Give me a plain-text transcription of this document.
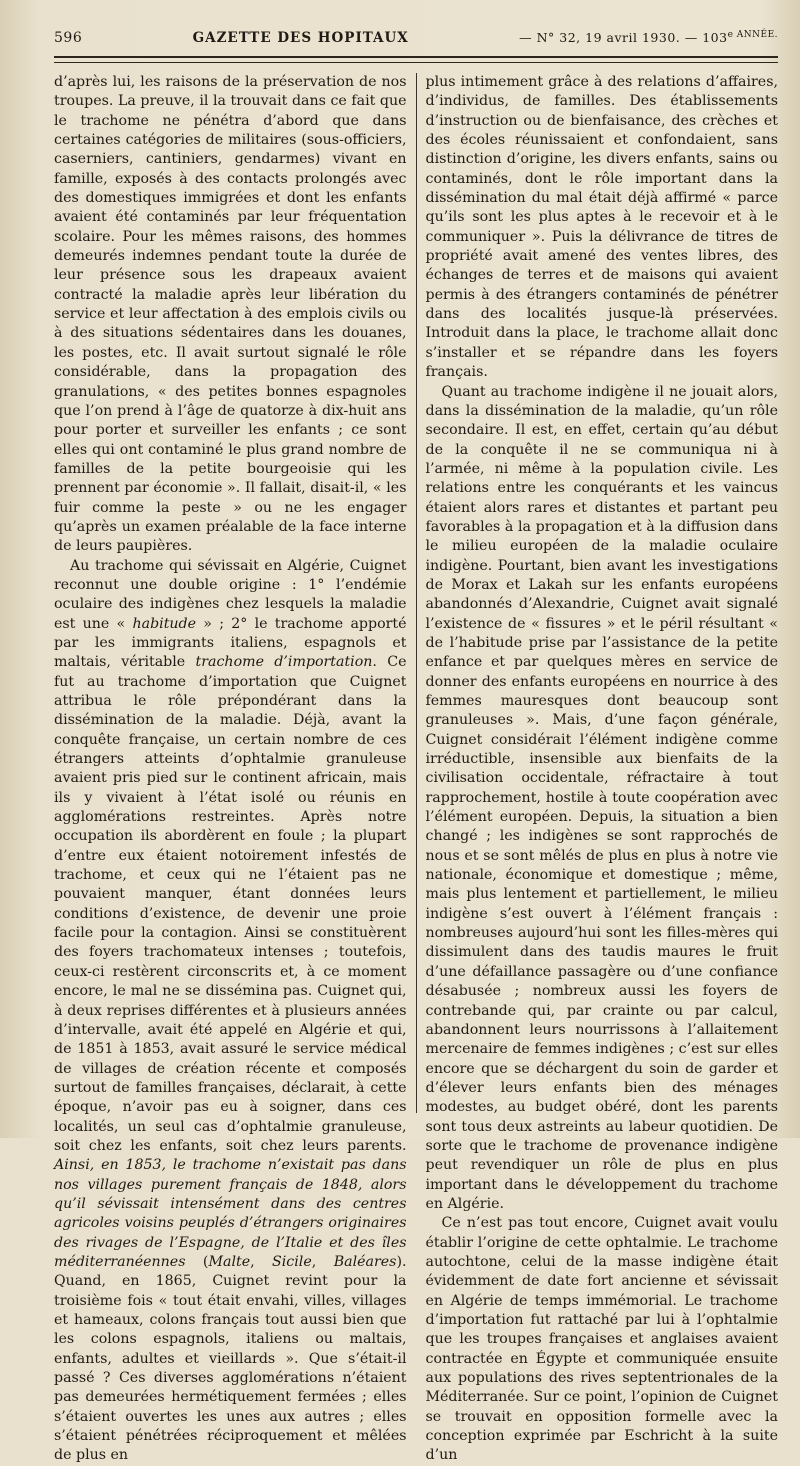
596	GAZETTE DES HOPITAUX	— N° 32, 19 avril 1930. — $103^{e ANNÉE.}$

d’après lui, les raisons de la préservation de nos troupes. La preuve, il la trouvait dans ce fait que le trachome ne pénétra d’abord que dans certaines catégories de militaires (sous-officiers, caserniers, cantiniers, gendarmes) vivant en famille, exposés à des contacts prolongés avec des domestiques immigrées et dont les enfants avaient été contaminés par leur fréquentation scolaire. Pour les mêmes raisons, des hommes demeurés indemnes pendant toute la durée de leur présence sous les drapeaux avaient contracté la maladie après leur libération du service et leur affectation à des emplois civils ou à des situations sédentaires dans les douanes, les postes, etc. Il avait surtout signalé le rôle considérable, dans la propagation des granulations, « des petites bonnes espagnoles que l’on prend à l’âge de quatorze à dix-huit ans pour porter et surveiller les enfants ; ce sont elles qui ont contaminé le plus grand nombre de familles de la petite bourgeoisie qui les prennent par économie ». Il fallait, disait-il, « les fuir comme la peste » ou ne les engager qu’après un examen préalable de la face interne de leurs paupières.

Au trachome qui sévissait en Algérie, Cuignet reconnut une double origine : 1° l’endémie oculaire des indigènes chez lesquels la maladie est une « habitude » ; 2° le trachome apporté par les immigrants italiens, espagnols et maltais, véritable trachome d’importation. Ce fut au trachome d’importation que Cuignet attribua le rôle prépondérant dans la dissémination de la maladie. Déjà, avant la conquête française, un certain nombre de ces étrangers atteints d’ophtalmie granuleuse avaient pris pied sur le continent africain, mais ils y vivaient à l’état isolé ou réunis en agglomérations restreintes. Après notre occupation ils abordèrent en foule ; la plupart d’entre eux étaient notoirement infestés de trachome, et ceux qui ne l’étaient pas ne pouvaient manquer, étant données leurs conditions d’existence, de devenir une proie facile pour la contagion. Ainsi se constituèrent des foyers trachomateux intenses ; toutefois, ceux-ci restèrent circonscrits et, à ce moment encore, le mal ne se dissémina pas. Cuignet qui, à deux reprises différentes et à plusieurs années d’intervalle, avait été appelé en Algérie et qui, de 1851 à 1853, avait assuré le service médical de villages de création récente et composés surtout de familles françaises, déclarait, à cette époque, n’avoir pas eu à soigner, dans ces localités, un seul cas d’ophtalmie granuleuse, soit chez les enfants, soit chez leurs parents. Ainsi, en 1853, le trachome n’existait pas dans nos villages purement français de 1848, alors qu’il sévissait intensément dans des centres agricoles voisins peuplés d’étrangers originaires des rivages de l’Espagne, de l’Italie et des îles méditerranéennes (Malte, Sicile, Baléares). Quand, en 1865, Cuignet revint pour la troisième fois « tout était envahi, villes, villages et hameaux, colons français tout aussi bien que les colons espagnols, italiens ou maltais, enfants, adultes et vieillards ». Que s’était-il passé ? Ces diverses agglomérations n’étaient pas demeurées hermétiquement fermées ; elles s’étaient ouvertes les unes aux autres ; elles s’étaient pénétrées réciproquement et mêlées de plus en

plus intimement grâce à des relations d’affaires, d’individus, de familles. Des établissements d’instruction ou de bienfaisance, des crèches et des écoles réunissaient et confondaient, sans distinction d’origine, les divers enfants, sains ou contaminés, dont le rôle important dans la dissémination du mal était déjà affirmé « parce qu’ils sont les plus aptes à le recevoir et à le communiquer ». Puis la délivrance de titres de propriété avait amené des ventes libres, des échanges de terres et de maisons qui avaient permis à des étrangers contaminés de pénétrer dans des localités jusque-là préservées. Introduit dans la place, le trachome allait donc s’installer et se répandre dans les foyers français.

Quant au trachome indigène il ne jouait alors, dans la dissémination de la maladie, qu’un rôle secondaire. Il est, en effet, certain qu’au début de la conquête il ne se communiqua ni à l’armée, ni même à la population civile. Les relations entre les conquérants et les vaincus étaient alors rares et distantes et partant peu favorables à la propagation et à la diffusion dans le milieu européen de la maladie oculaire indigène. Pourtant, bien avant les investigations de Morax et Lakah sur les enfants européens abandonnés d’Alexandrie, Cuignet avait signalé l’existence de « fissures » et le péril résultant « de l’habitude prise par l’assistance de la petite enfance et par quelques mères en service de donner des enfants européens en nourrice à des femmes mauresques dont beaucoup sont granuleuses ». Mais, d’une façon générale, Cuignet considérait l’élément indigène comme irréductible, insensible aux bienfaits de la civilisation occidentale, réfractaire à tout rapprochement, hostile à toute coopération avec l’élément européen. Depuis, la situation a bien changé ; les indigènes se sont rapprochés de nous et se sont mêlés de plus en plus à notre vie nationale, économique et domestique ; même, mais plus lentement et partiellement, le milieu indigène s’est ouvert à l’élément français : nombreuses aujourd’hui sont les filles-mères qui dissimulent dans des taudis maures le fruit d’une défaillance passagère ou d’une confiance désabusée ; nombreux aussi les foyers de contrebande qui, par crainte ou par calcul, abandonnent leurs nourrissons à l’allaitement mercenaire de femmes indigènes ; c’est sur elles encore que se déchargent du soin de garder et d’élever leurs enfants bien des ménages modestes, au budget obéré, dont les parents sont tous deux astreints au labeur quotidien. De sorte que le trachome de provenance indigène peut revendiquer un rôle de plus en plus important dans le développement du trachome en Algérie.

Ce n’est pas tout encore, Cuignet avait voulu établir l’origine de cette ophtalmie. Le trachome autochtone, celui de la masse indigène était évidemment de date fort ancienne et sévissait en Algérie de temps immémorial. Le trachome d’importation fut rattaché par lui à l’ophtalmie que les troupes françaises et anglaises avaient contractée en Égypte et communiquée ensuite aux populations des rives septentrionales de la Méditerranée. Sur ce point, l’opinion de Cuignet se trouvait en opposition formelle avec la conception exprimée par Eschricht à la suite d’un
